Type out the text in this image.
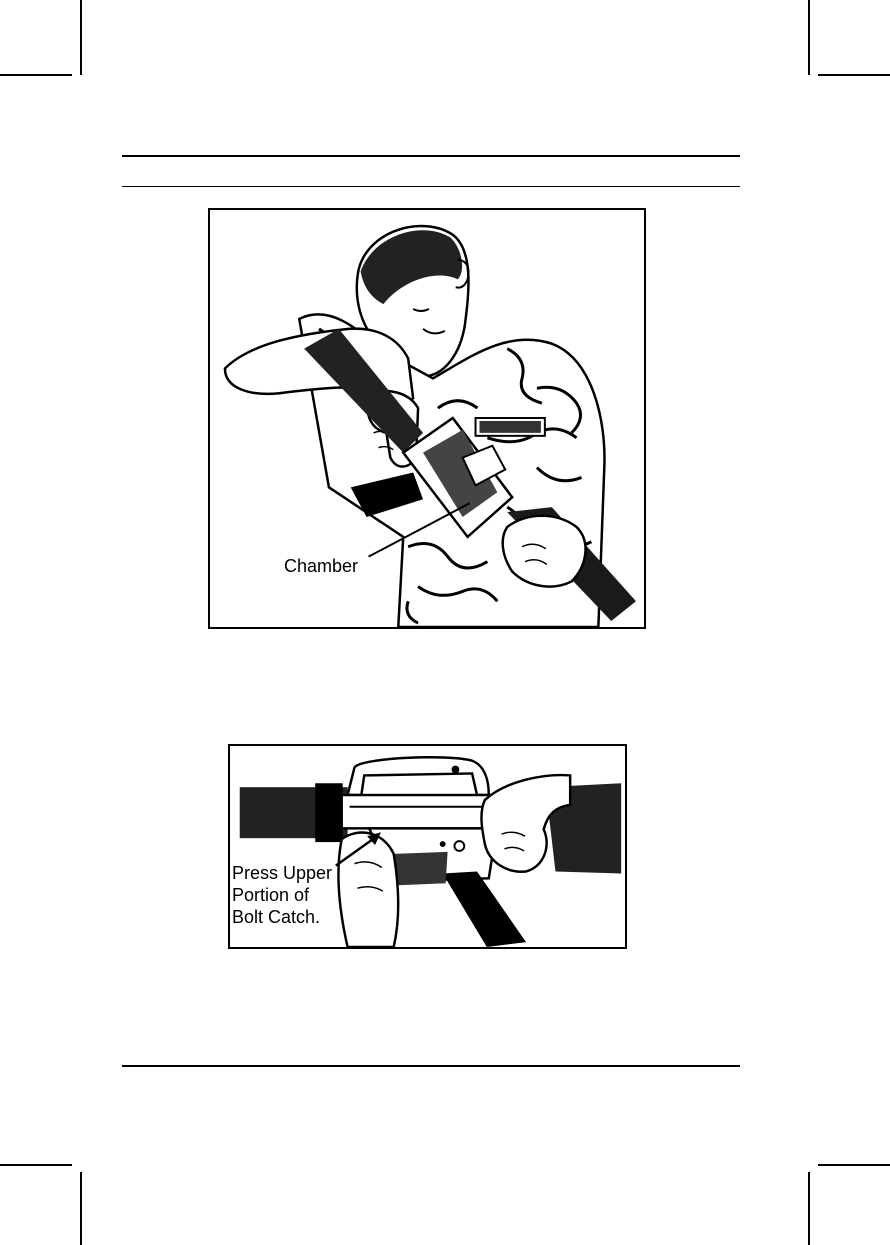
Chamber
Press Upper
Portion of
Bolt Catch.
